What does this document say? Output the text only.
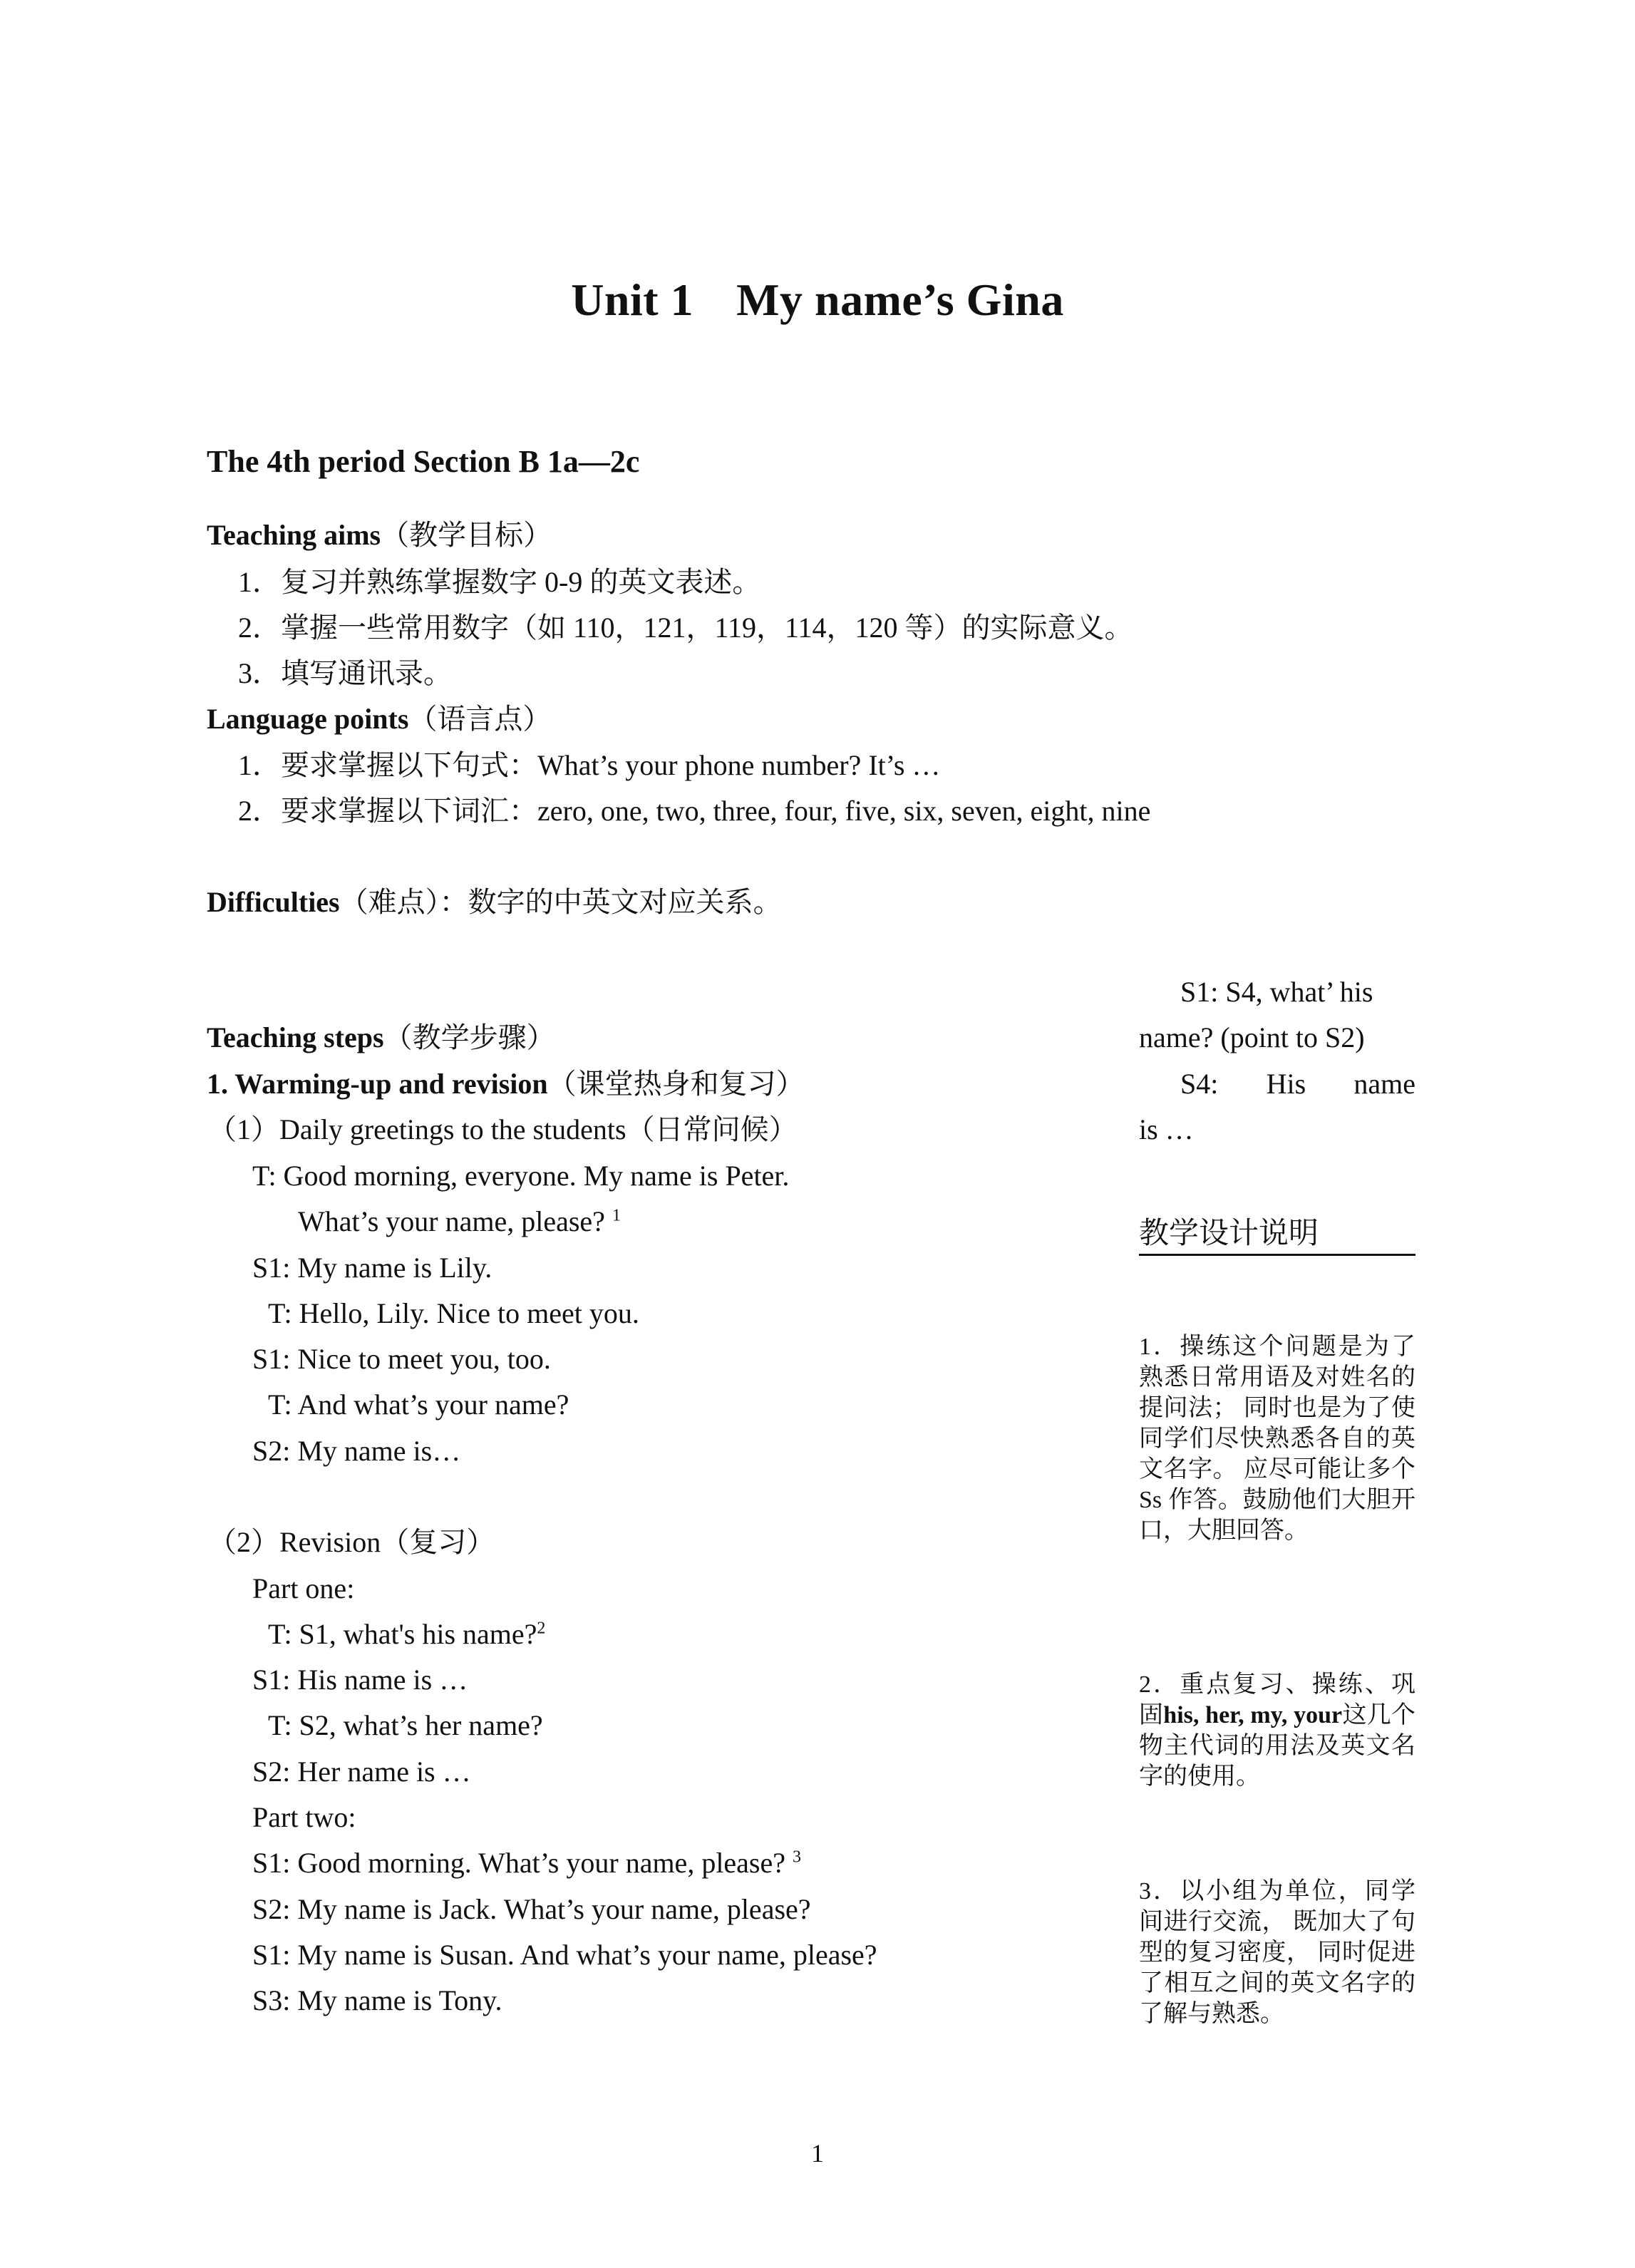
Unit 1 My name’s Gina
The 4th period Section B 1a—2c
Teaching aims（教学目标）
1．复习并熟练掌握数字 0-9 的英文表述。
2．掌握一些常用数字（如 110，121，119，114，120 等）的实际意义。
3．填写通讯录。
Language points（语言点）
1．要求掌握以下句式：What’s your phone number? It’s …
2．要求掌握以下词汇：zero, one, two, three, four, five, six, seven, eight, nine
Difficulties（难点）：数字的中英文对应关系。
Teaching steps（教学步骤）
1. Warming-up and revision（课堂热身和复习）
（1）Daily greetings to the students（日常问候）
T: Good morning, everyone. My name is Peter.
What’s your name, please? $^1$
S1: My name is Lily.
T: Hello, Lily. Nice to meet you.
S1: Nice to meet you, too.
T: And what’s your name?
S2: My name is…
（2）Revision（复习）
Part one:
T: S1, what's his name?$^2$
S1: His name is …
T: S2, what’s her name?
S2: Her name is …
Part two:
S1: Good morning. What’s your name, please? $^3$
S2: My name is Jack. What’s your name, please?
S1: My name is Susan. And what’s your name, please?
S3: My name is Tony.
S1: S4, what’ his
name? (point to S2)
S4: His name
is …
教学设计说明
1．操练这个问题是为了熟悉日常用语及对姓名的提问法； 同时也是为了使同学们尽快熟悉各自的英文名字。 应尽可能让多个 Ss 作答。鼓励他们大胆开口，大胆回答。
2．重点复习、操练、巩固his, her, my, your这几个物主代词的用法及英文名字的使用。
3．以小组为单位，同学间进行交流， 既加大了句型的复习密度， 同时促进了相互之间的英文名字的了解与熟悉。
1
